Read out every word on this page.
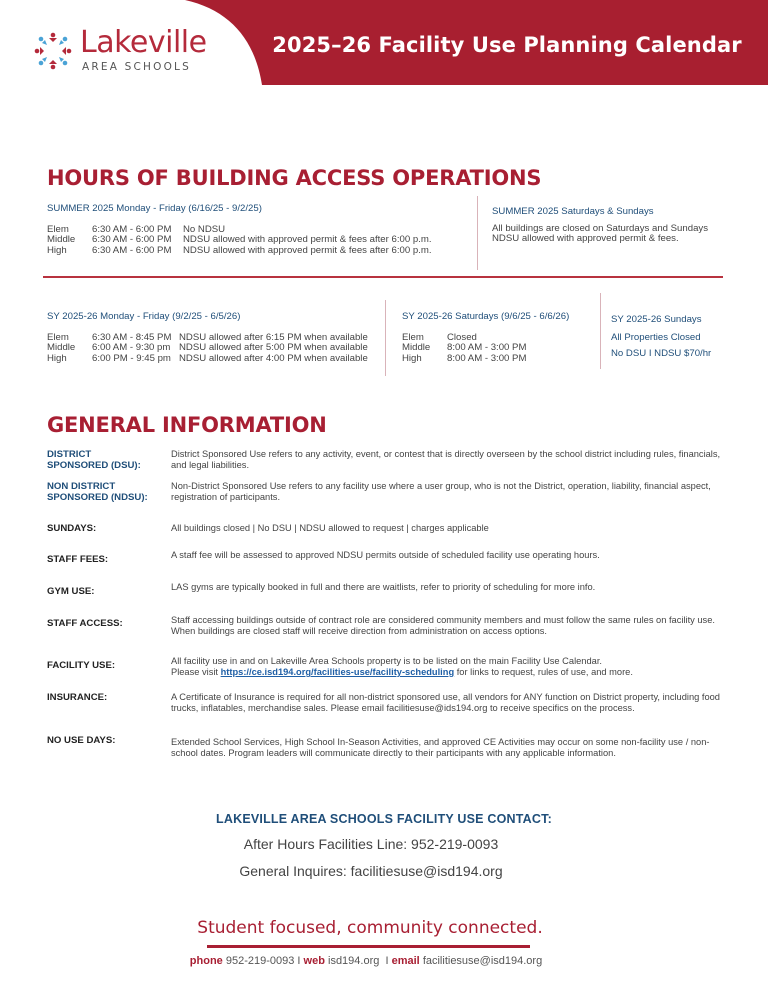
Lakeville
AREA SCHOOLS
2025–26 Facility Use Planning Calendar
HOURS OF BUILDING ACCESS OPERATIONS
SUMMER 2025 Monday - Friday (6/16/25 - 9/2/25)
Elem	6:30 AM - 6:00 PM	No NDSU
Middle	6:30 AM - 6:00 PM	NDSU allowed with approved permit & fees after 6:00 p.m.
High	6:30 AM - 6:00 PM	NDSU allowed with approved permit & fees after 6:00 p.m.
SUMMER 2025 Saturdays & Sundays
All buildings are closed on Saturdays and Sundays
NDSU allowed with approved permit & fees.
SY 2025-26 Monday - Friday (9/2/25 - 6/5/26)
Elem	6:30 AM - 8:45 PM NDSU allowed after 6:15 PM when available
Middle	6:00 AM - 9:30 pm NDSU allowed after 5:00 PM when available
High	6:00 PM - 9:45 pm NDSU allowed after 4:00 PM when available
SY 2025-26 Saturdays (9/6/25 - 6/6/26)
Elem	Closed
Middle	8:00 AM - 3:00 PM
High	8:00 AM - 3:00 PM
SY 2025-26 Sundays
All Properties Closed
No DSU I NDSU $70/hr
GENERAL INFORMATION
DISTRICT
SPONSORED (DSU):
District Sponsored Use refers to any activity, event, or contest that is directly overseen by the school district including rules, financials, and legal liabilities.
NON DISTRICT
SPONSORED (NDSU):
Non-District Sponsored Use refers to any facility use where a user group, who is not the District, operation, liability, financial aspect, registration of participants.
SUNDAYS:	All buildings closed | No DSU | NDSU allowed to request | charges applicable
STAFF FEES:	A staff fee will be assessed to approved NDSU permits outside of scheduled facility use operating hours.
GYM USE:	LAS gyms are typically booked in full and there are waitlists, refer to priority of scheduling for more info.
STAFF ACCESS:	Staff accessing buildings outside of contract role are considered community members and must follow the same rules on facility use. When buildings are closed staff will receive direction from administration on access options.
FACILITY USE:	All facility use in and on Lakeville Area Schools property is to be listed on the main Facility Use Calendar.
Please visit https://ce.isd194.org/facilities-use/facility-scheduling for links to request, rules of use, and more.
INSURANCE:	A Certificate of Insurance is required for all non-district sponsored use, all vendors for ANY function on District property, including food trucks, inflatables, merchandise sales. Please email facilitiesuse@ids194.org to receive specifics on the process.
NO USE DAYS:	Extended School Services, High School In-Season Activities, and approved CE Activities may occur on some non-facility use / non-school dates. Program leaders will communicate directly to their participants with any applicable information.
LAKEVILLE AREA SCHOOLS FACILITY USE CONTACT:
After Hours Facilities Line: 952-219-0093
General Inquires: facilitiesuse@isd194.org
Student focused, community connected.
phone 952-219-0093 I web isd194.org  I email facilitiesuse@isd194.org
